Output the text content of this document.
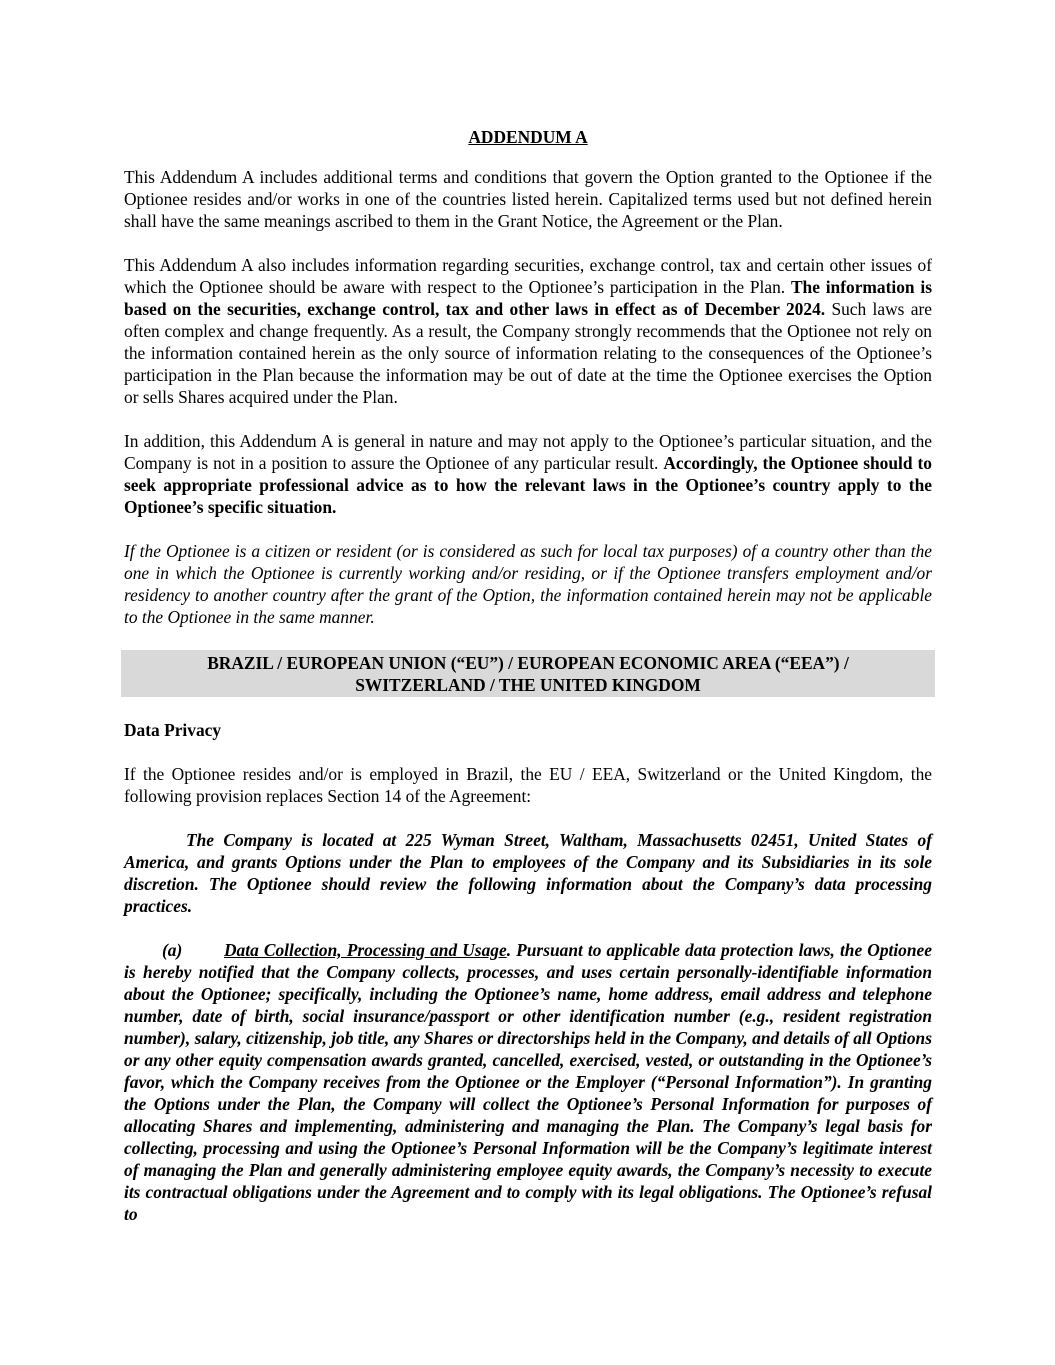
ADDENDUM A

This Addendum A includes additional terms and conditions that govern the Option granted to the Optionee if the Optionee resides and/or works in one of the countries listed herein. Capitalized terms used but not defined herein shall have the same meanings ascribed to them in the Grant Notice, the Agreement or the Plan.

This Addendum A also includes information regarding securities, exchange control, tax and certain other issues of which the Optionee should be aware with respect to the Optionee’s participation in the Plan. The information is based on the securities, exchange control, tax and other laws in effect as of December 2024. Such laws are often complex and change frequently. As a result, the Company strongly recommends that the Optionee not rely on the information contained herein as the only source of information relating to the consequences of the Optionee’s participation in the Plan because the information may be out of date at the time the Optionee exercises the Option or sells Shares acquired under the Plan.

In addition, this Addendum A is general in nature and may not apply to the Optionee’s particular situation, and the Company is not in a position to assure the Optionee of any particular result. Accordingly, the Optionee should to seek appropriate professional advice as to how the relevant laws in the Optionee’s country apply to the Optionee’s specific situation.

If the Optionee is a citizen or resident (or is considered as such for local tax purposes) of a country other than the one in which the Optionee is currently working and/or residing, or if the Optionee transfers employment and/or residency to another country after the grant of the Option, the information contained herein may not be applicable to the Optionee in the same manner.

BRAZIL / EUROPEAN UNION (“EU”) / EUROPEAN ECONOMIC AREA (“EEA”) /
SWITZERLAND / THE UNITED KINGDOM
Data Privacy

If the Optionee resides and/or is employed in Brazil, the EU / EEA, Switzerland or the United Kingdom, the following provision replaces Section 14 of the Agreement:

The Company is located at 225 Wyman Street, Waltham, Massachusetts 02451, United States of America, and grants Options under the Plan to employees of the Company and its Subsidiaries in its sole discretion. The Optionee should review the following information about the Company’s data processing practices.

(a) Data Collection, Processing and Usage. Pursuant to applicable data protection laws, the Optionee is hereby notified that the Company collects, processes, and uses certain personally-identifiable information about the Optionee; specifically, including the Optionee’s name, home address, email address and telephone number, date of birth, social insurance/passport or other identification number (e.g., resident registration number), salary, citizenship, job title, any Shares or directorships held in the Company, and details of all Options or any other equity compensation awards granted, cancelled, exercised, vested, or outstanding in the Optionee’s favor, which the Company receives from the Optionee or the Employer (“Personal Information”). In granting the Options under the Plan, the Company will collect the Optionee’s Personal Information for purposes of allocating Shares and implementing, administering and managing the Plan. The Company’s legal basis for collecting, processing and using the Optionee’s Personal Information will be the Company’s legitimate interest of managing the Plan and generally administering employee equity awards, the Company’s necessity to execute its contractual obligations under the Agreement and to comply with its legal obligations. The Optionee’s refusal to
